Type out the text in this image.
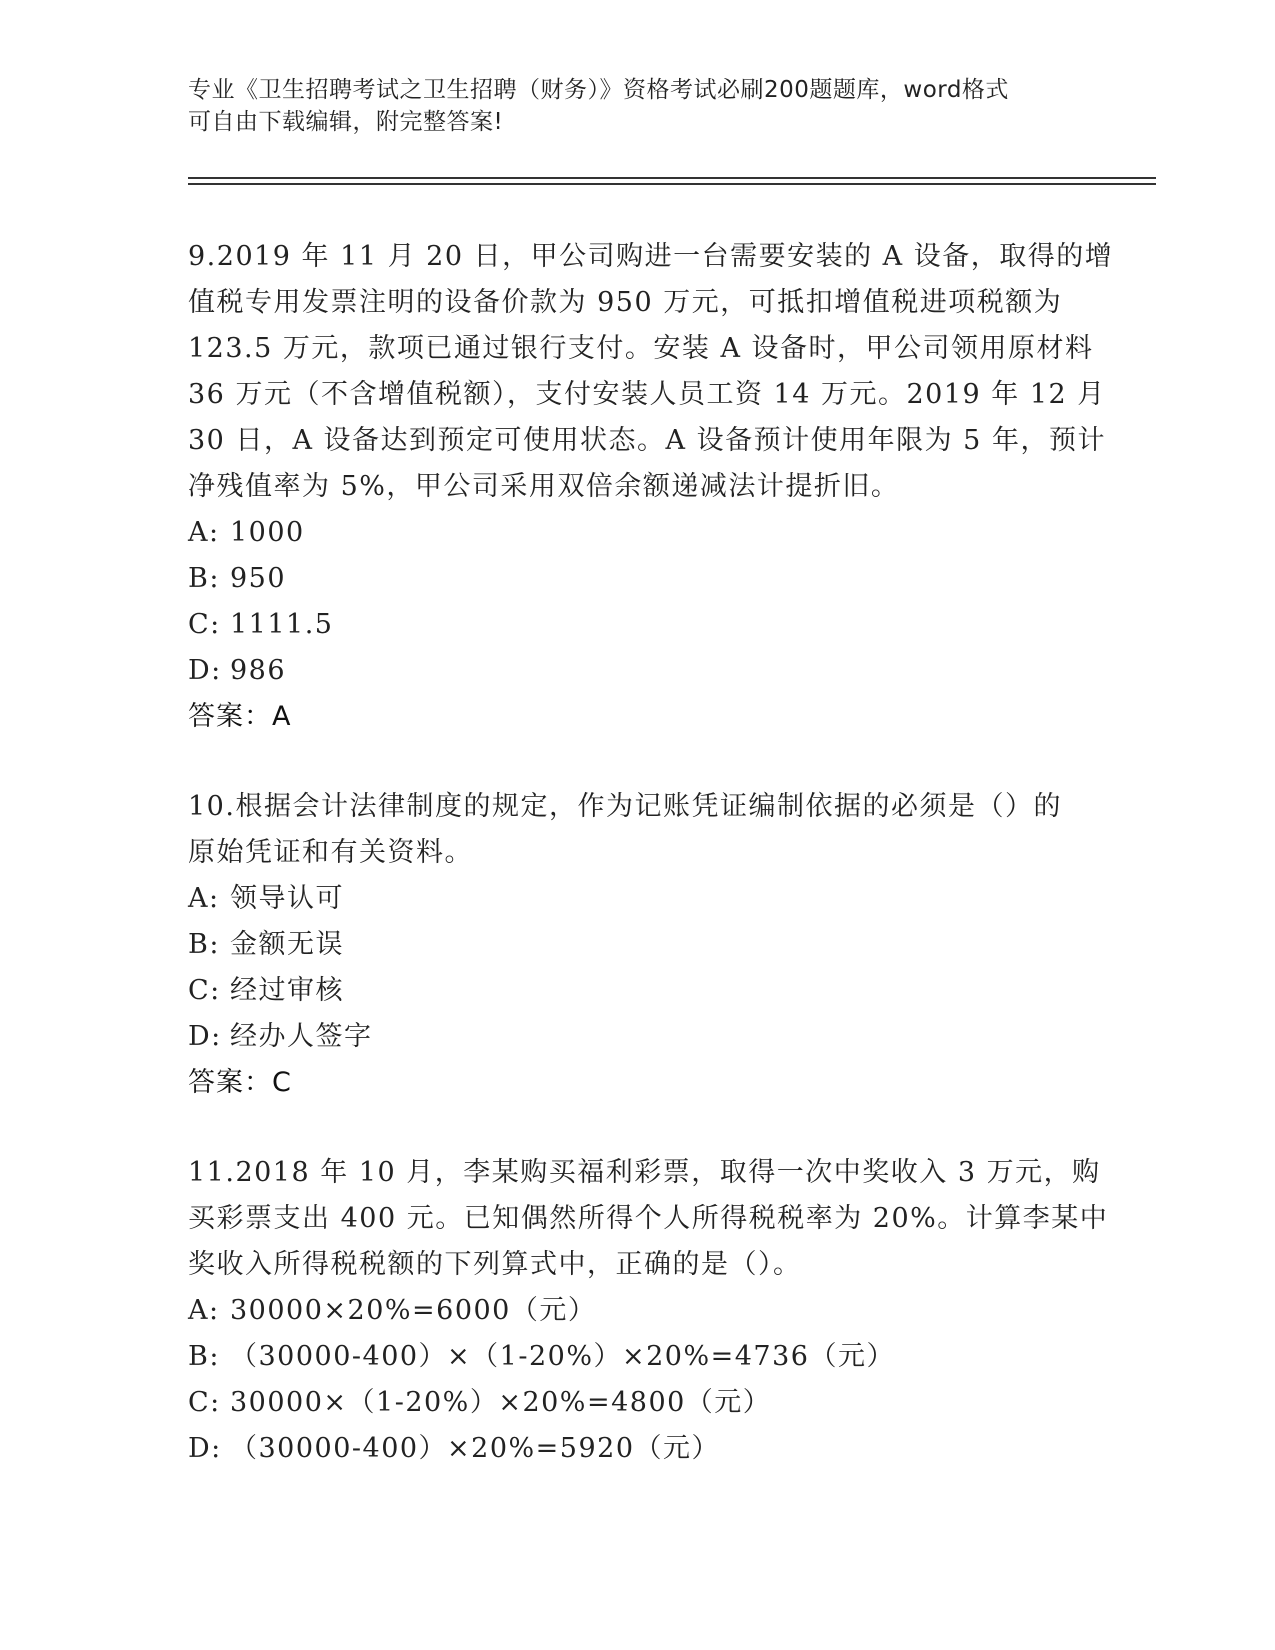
专业《卫生招聘考试之卫生招聘（财务）》资格考试必刷200题题库，word格式
可自由下载编辑，附完整答案!
9.2019 年 11 月 20 日，甲公司购进一台需要安装的 A 设备，取得的增
值税专用发票注明的设备价款为 950 万元，可抵扣增值税进项税额为
123.5 万元，款项已通过银行支付。安装 A 设备时，甲公司领用原材料
36 万元（不含增值税额），支付安装人员工资 14 万元。2019 年 12 月
30 日，A 设备达到预定可使用状态。A 设备预计使用年限为 5 年，预计
净残值率为 5%，甲公司采用双倍余额递减法计提折旧。
A: 1000
B: 950
C: 1111.5
D: 986
答案：A
10.根据会计法律制度的规定，作为记账凭证编制依据的必须是（）的
原始凭证和有关资料。
A: 领导认可
B: 金额无误
C: 经过审核
D: 经办人签字
答案：C
11.2018 年 10 月，李某购买福利彩票，取得一次中奖收入 3 万元，购
买彩票支出 400 元。已知偶然所得个人所得税税率为 20%。计算李某中
奖收入所得税税额的下列算式中，正确的是（）。
A: 30000×20%=6000（元）
B: （30000-400）×（1-20%）×20%=4736（元）
C: 30000×（1-20%）×20%=4800（元）
D: （30000-400）×20%=5920（元）
